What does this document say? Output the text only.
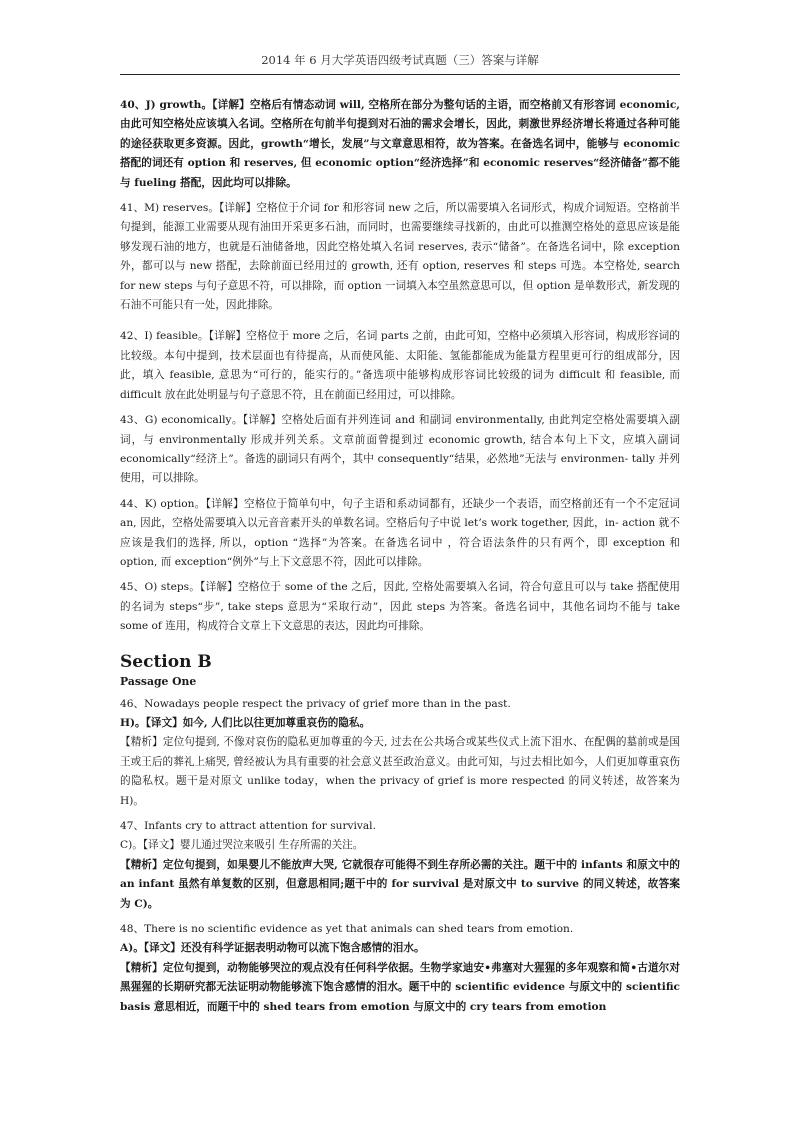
2014 年 6 月大学英语四级考试真题（三）答案与详解

40、J) growth。【详解】空格后有情态动词 will, 空格所在部分为整句话的主语，而空格前又有形容词 economic, 由此可知空格处应该填入名词。空格所在句前半句提到对石油的需求会增长，因此，刺激世界经济增长将通过各种可能的途径获取更多资源。因此，growth“增长，发展”与文章意思相符，故为答案。在备选名词中，能够与 economic 搭配的词还有 option 和 reserves, 但 economic option“经济选择”和 economic reserves“经济储备”都不能与 fueling 搭配，因此均可以排除。

41、M) reserves。【详解】空格位于介词 for 和形容词 new 之后，所以需要填入名词形式，构成介词短语。空格前半句提到，能源工业需要从现有油田开采更多石油，而同时，也需要继续寻找新的，由此可以推测空格处的意思应该是能够发现石油的地方，也就是石油储备地，因此空格处填入名词 reserves, 表示“储备”。在备选名词中，除 exception 外，都可以与 new 搭配，去除前面已经用过的 growth, 还有 option, reserves 和 steps 可选。本空格处, search for new steps 与句子意思不符，可以排除，而 option 一词填入本空虽然意思可以，但 option 是单数形式，新发现的石油不可能只有一处，因此排除。

42、I) feasible。【详解】空格位于 more 之后，名词 parts 之前，由此可知，空格中必须填入形容词，构成形容词的比较级。本句中提到，技术层面也有待提高，从而使风能、太阳能、氢能都能成为能量方程里更可行的组成部分，因此，填入 feasible, 意思为“可行的，能实行的。”备选项中能够构成形容词比较级的词为 difficult 和 feasible, 而 difficult 放在此处明显与句子意思不符，且在前面已经用过，可以排除。

43、G) economically。【详解】空格处后面有并列连词 and 和副词 environmentally, 由此判定空格处需要填入副词，与 environmentally 形成并列关系。文章前面曾提到过 economic growth, 结合本句上下文，应填入副词 economically“经济上”。备选的副词只有两个，其中 consequently“结果，必然地”无法与 environmen- tally 并列使用，可以排除。

44、K) option。【详解】空格位于简单句中，句子主语和系动词都有，还缺少一个表语，而空格前还有一个不定冠词 an, 因此，空格处需要填入以元音音素开头的单数名词。空格后句子中说 let’s work together, 因此，in- action 就不应该是我们的选择, 所以，option “选择”为答案。在备选名词中 ，符合语法条件的只有两个，即 exception 和 option, 而 exception“例外”与上下文意思不符，因此可以排除。

45、O) steps。【详解】空格位于 some of the 之后，因此, 空格处需要填入名词，符合句意且可以与 take 搭配使用的名词为 steps“步”, take steps 意思为“采取行动”，因此 steps 为答案。备选名词中，其他名词均不能与 take some of 连用，构成符合文章上下文意思的表达，因此均可排除。

Section B
Passage One

46、Nowadays people respect the privacy of grief more than in the past.

H)。【译文】如今, 人们比以往更加尊重哀伤的隐私。

【精析】定位句提到, 不像对哀伤的隐私更加尊重的今天, 过去在公共场合或某些仪式上流下泪水、在配偶的墓前或是国王或王后的葬礼上痛哭, 曾经被认为具有重要的社会意义甚至政治意义。由此可知，与过去相比如今，人们更加尊重哀伤的隐私权。题干是对原文 unlike today，when the privacy of grief is more respected 的同义转述，故答案为 H)。

47、Infants cry to attract attention for survival.

C)。【译文】婴儿通过哭泣来吸引 生存所需的关注。

【精析】定位句提到，如果婴儿不能放声大哭, 它就很存可能得不到生存所必需的关注。题干中的 infants 和原文中的 an infant 虽然有单复数的区别，但意思相同;题干中的 for survival 是对原文中 to survive 的同义转述，故答案为 C)。

48、There is no scientific evidence as yet that animals can shed tears from emotion.

A)。【译文】还没有科学证据表明动物可以流下饱含感情的泪水。

【精析】定位句提到，动物能够哭泣的观点没有任何科学依据。生物学家迪安•弗塞对大猩猩的多年观察和简•古道尔对黑猩猩的长期研究都无法证明动物能够流下饱含感情的泪水。题干中的 scientific evidence 与原文中的 scientific basis 意思相近，而题干中的 shed tears from emotion 与原文中的 cry tears from emotion
